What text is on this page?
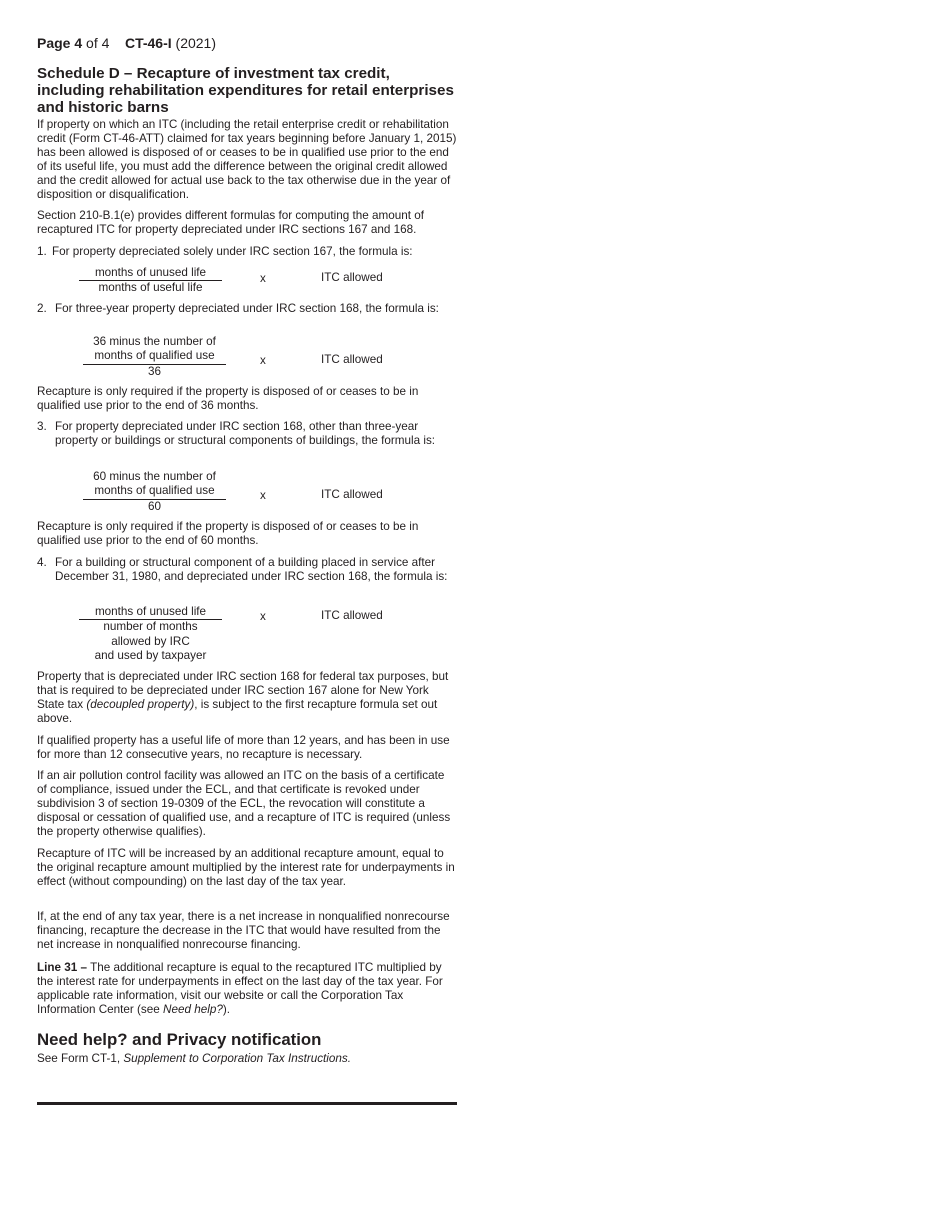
Page 4 of 4 CT-46-I (2021)
Schedule D – Recapture of investment tax credit, including rehabilitation expenditures for retail enterprises and historic barns

If property on which an ITC (including the retail enterprise credit or rehabilitation credit (Form CT-46-ATT) claimed for tax years beginning before January 1, 2015) has been allowed is disposed of or ceases to be in qualified use prior to the end of its useful life, you must add the difference between the original credit allowed and the credit allowed for actual use back to the tax otherwise due in the year of disposition or disqualification.

Section 210-B.1(e) provides different formulas for computing the amount of recaptured ITC for property depreciated under IRC sections 167 and 168.

1. For property depreciated solely under IRC section 167, the formula is:
months of unused life
months of useful life
x	ITC allowed
2. For three-year property depreciated under IRC section 168, the formula is:
36 minus the number of
months of qualified use
36
x	ITC allowed

Recapture is only required if the property is disposed of or ceases to be in qualified use prior to the end of 36 months.

3. For property depreciated under IRC section 168, other than three-year property or buildings or structural components of buildings, the formula is:
60 minus the number of
months of qualified use
60
x	ITC allowed

Recapture is only required if the property is disposed of or ceases to be in qualified use prior to the end of 60 months.

4. For a building or structural component of a building placed in service after December 31, 1980, and depreciated under IRC section 168, the formula is:
months of unused life
number of months
allowed by IRC
and used by taxpayer
x	ITC allowed

Property that is depreciated under IRC section 168 for federal tax purposes, but that is required to be depreciated under IRC section 167 alone for New York State tax (decoupled property), is subject to the first recapture formula set out above.

If qualified property has a useful life of more than 12 years, and has been in use for more than 12 consecutive years, no recapture is necessary.

If an air pollution control facility was allowed an ITC on the basis of a certificate of compliance, issued under the ECL, and that certificate is revoked under subdivision 3 of section 19-0309 of the ECL, the revocation will constitute a disposal or cessation of qualified use, and a recapture of ITC is required (unless the property otherwise qualifies).

Recapture of ITC will be increased by an additional recapture amount, equal to the original recapture amount multiplied by the interest rate for underpayments in effect (without compounding) on the last day of the tax year.

If, at the end of any tax year, there is a net increase in nonqualified nonrecourse financing, recapture the decrease in the ITC that would have resulted from the net increase in nonqualified nonrecourse financing.

Line 31 – The additional recapture is equal to the recaptured ITC multiplied by the interest rate for underpayments in effect on the last day of the tax year. For applicable rate information, visit our website or call the Corporation Tax Information Center (see Need help?).

Need help? and Privacy notification

See Form CT-1, Supplement to Corporation Tax Instructions.
